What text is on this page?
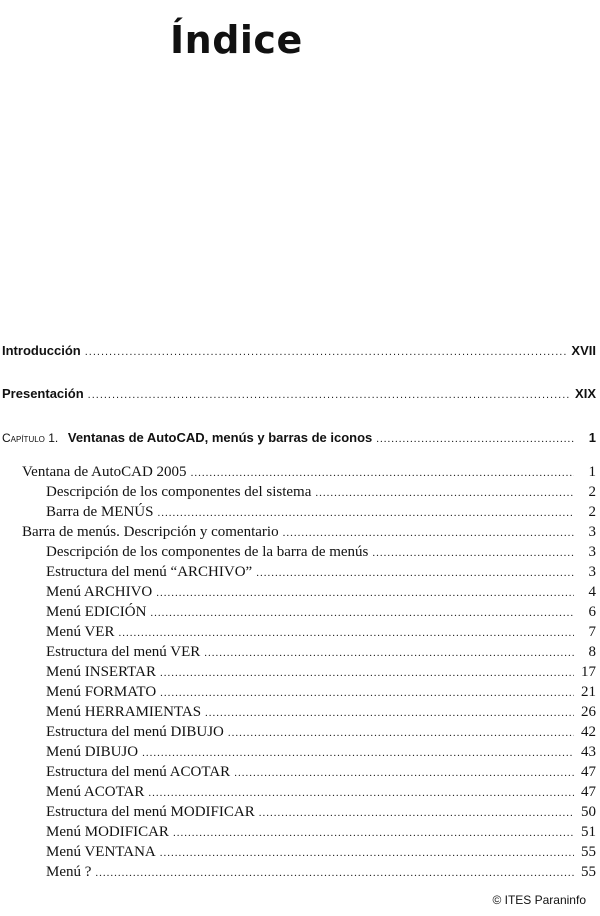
Índice
Introducción .....	XVII
Presentación .....	XIX
Capítulo 1. Ventanas de AutoCAD, menús y barras de iconos .....	1
Ventana de AutoCAD 2005 .....	1
Descripción de los componentes del sistema .....	2
Barra de MENÚS .....	2
Barra de menús. Descripción y comentario .....	3
Descripción de los componentes de la barra de menús .....	3
Estructura del menú “ARCHIVO” .....	3
Menú ARCHIVO .....	4
Menú EDICIÓN .....	6
Menú VER .....	7
Estructura del menú VER .....	8
Menú INSERTAR .....	17
Menú FORMATO .....	21
Menú HERRAMIENTAS .....	26
Estructura del menú DIBUJO .....	42
Menú DIBUJO .....	43
Estructura del menú ACOTAR .....	47
Menú ACOTAR .....	47
Estructura del menú MODIFICAR .....	50
Menú MODIFICAR .....	51
Menú VENTANA .....	55
Menú ? .....	55
© ITES Paraninfo
